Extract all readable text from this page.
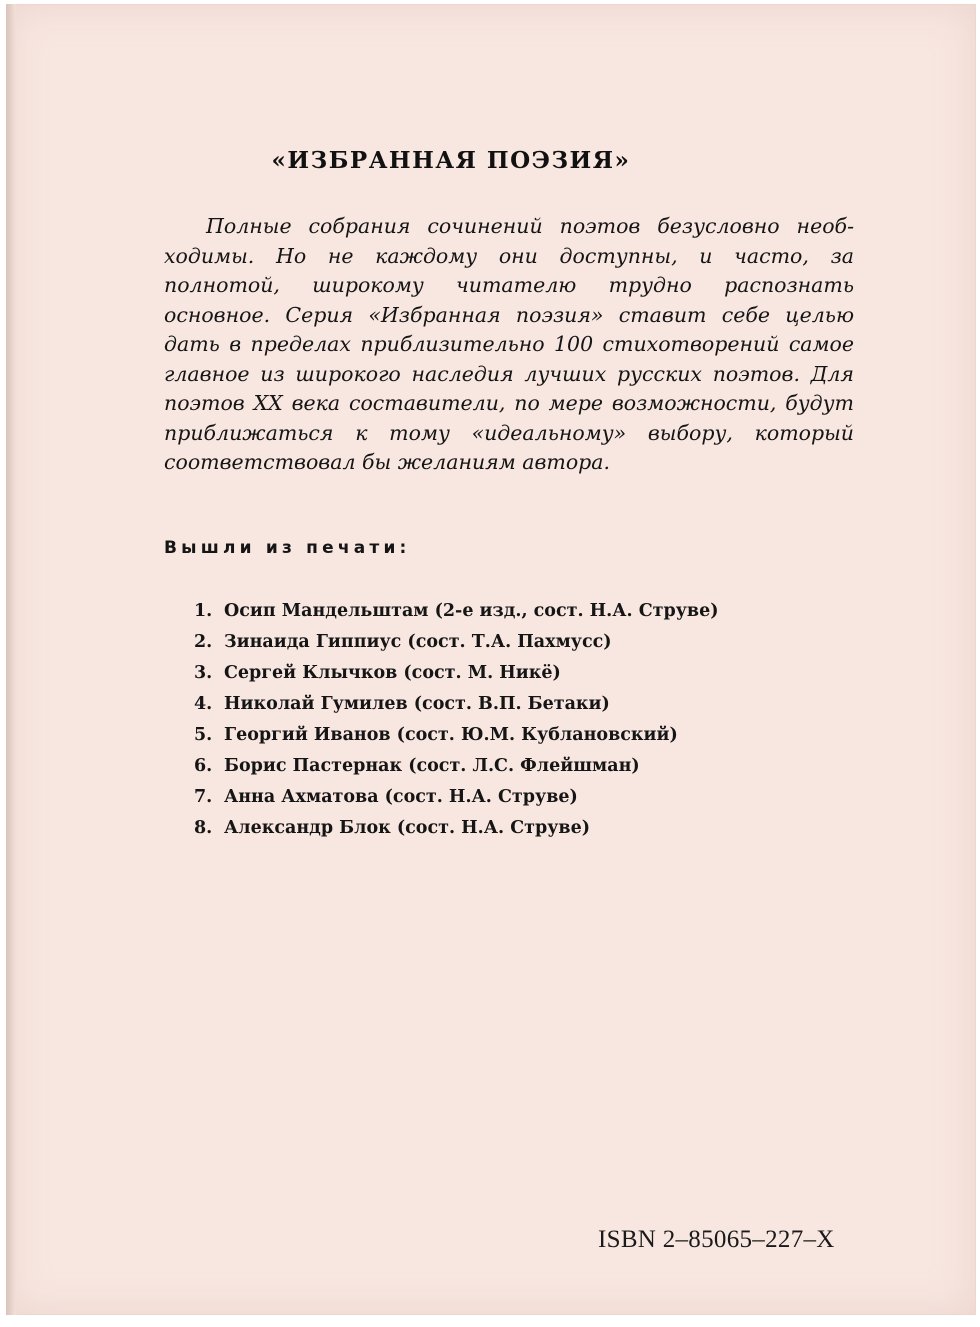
«ИЗБРАННАЯ ПОЭЗИЯ»

Полные собрания сочинений поэтов безусловно необходимы. Но не каждому они доступны, и часто, за полнотой, широкому читателю трудно распознать основное. Серия «Избранная поэзия» ставит себе целью дать в пределах приблизительно 100 стихотворений самое главное из широкого наследия лучших русских поэтов. Для поэтов XX века составители, по мере возможности, будут приближаться к тому «идеальному» выбору, который соответствовал бы желаниям автора.

Вышли из печати:
1. Осип Мандельштам (2-е изд., сост. Н.А. Струве)
2. Зинаида Гиппиус (сост. Т.А. Пахмусс)
3. Сергей Клычков (сост. М. Никё)
4. Николай Гумилев (сост. В.П. Бетаки)
5. Георгий Иванов (сост. Ю.М. Кублановский)
6. Борис Пастернак (сост. Л.С. Флейшман)
7. Анна Ахматова (сост. Н.А. Струве)
8. Александр Блок (сост. Н.А. Струве)

ISBN 2–85065–227–X
